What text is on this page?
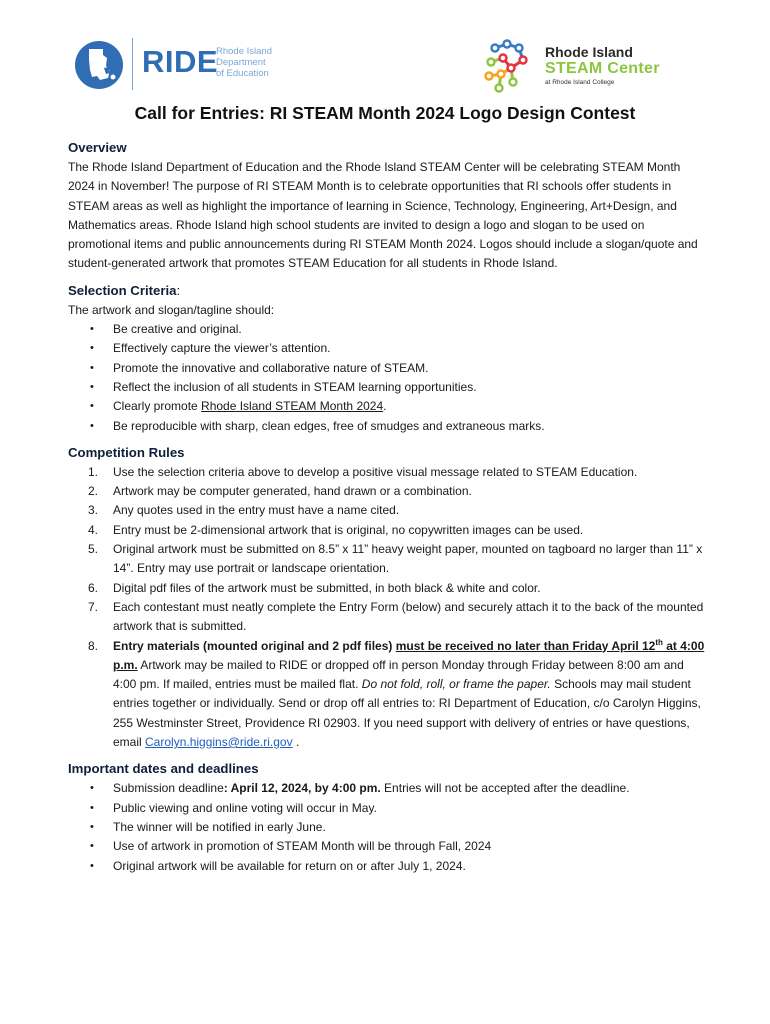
RIDE
Rhode Island
Department
of Education
Rhode Island
STEAM Center
at Rhode Island College
Call for Entries: RI STEAM Month 2024 Logo Design Contest
Overview

The Rhode Island Department of Education and the Rhode Island STEAM Center will be celebrating STEAM Month 2024 in November! The purpose of RI STEAM Month is to celebrate opportunities that RI schools offer students in STEAM areas as well as highlight the importance of learning in Science, Technology, Engineering, Art+Design, and Mathematics areas. Rhode Island high school students are invited to design a logo and slogan to be used on promotional items and public announcements during RI STEAM Month 2024. Logos should include a slogan/quote and student-generated artwork that promotes STEAM Education for all students in Rhode Island.

Selection Criteria:

The artwork and slogan/tagline should:

• Be creative and original.
• Effectively capture the viewer’s attention.
• Promote the innovative and collaborative nature of STEAM.
• Reflect the inclusion of all students in STEAM learning opportunities.
• Clearly promote Rhode Island STEAM Month 2024.
• Be reproducible with sharp, clean edges, free of smudges and extraneous marks.
Competition Rules
1. Use the selection criteria above to develop a positive visual message related to STEAM Education.
2. Artwork may be computer generated, hand drawn or a combination.
3. Any quotes used in the entry must have a name cited.
4. Entry must be 2-dimensional artwork that is original, no copywritten images can be used.
5. Original artwork must be submitted on 8.5” x 11” heavy weight paper, mounted on tagboard no larger than 11” x 14”. Entry may use portrait or landscape orientation.
6. Digital pdf files of the artwork must be submitted, in both black & white and color.
7. Each contestant must neatly complete the Entry Form (below) and securely attach it to the back of the mounted artwork that is submitted.
8. Entry materials (mounted original and 2 pdf files) must be received no later than Friday April 12th at 4:00 p.m. Artwork may be mailed to RIDE or dropped off in person Monday through Friday between 8:00 am and 4:00 pm. If mailed, entries must be mailed flat. Do not fold, roll, or frame the paper. Schools may mail student entries together or individually. Send or drop off all entries to: RI Department of Education, c/o Carolyn Higgins, 255 Westminster Street, Providence RI 02903. If you need support with delivery of entries or have questions, email Carolyn.higgins@ride.ri.gov .
Important dates and deadlines
• Submission deadline: April 12, 2024, by 4:00 pm. Entries will not be accepted after the deadline.
• Public viewing and online voting will occur in May.
• The winner will be notified in early June.
• Use of artwork in promotion of STEAM Month will be through Fall, 2024
• Original artwork will be available for return on or after July 1, 2024.
